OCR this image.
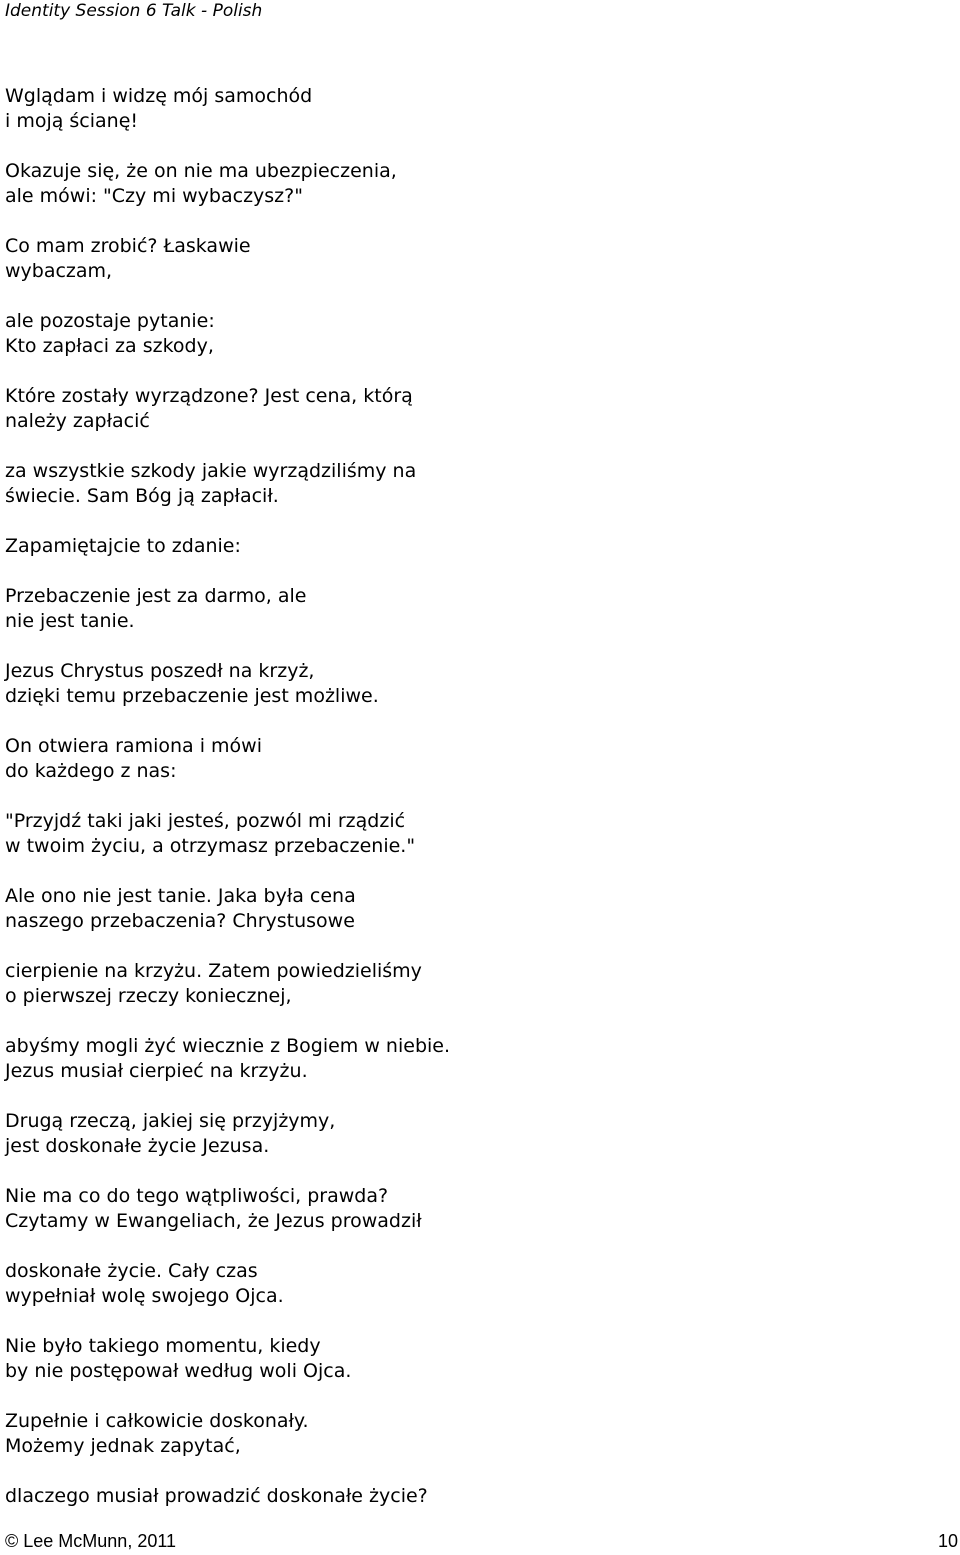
Identity Session 6 Talk - Polish
Wglądam i widzę mój samochód
i moją ścianę!
Okazuje się, że on nie ma ubezpieczenia,
ale mówi: "Czy mi wybaczysz?"
Co mam zrobić? Łaskawie
wybaczam,
ale pozostaje pytanie:
Kto zapłaci za szkody,
Które zostały wyrządzone? Jest cena, którą
należy zapłacić
za wszystkie szkody jakie wyrządziliśmy na
świecie. Sam Bóg ją zapłacił.
Zapamiętajcie to zdanie:
Przebaczenie jest za darmo, ale
nie jest tanie.
Jezus Chrystus poszedł na krzyż,
dzięki temu przebaczenie jest możliwe.
On otwiera ramiona i mówi
do każdego z nas:
"Przyjdź taki jaki jesteś, pozwól mi rządzić
w twoim życiu, a otrzymasz przebaczenie."
Ale ono nie jest tanie. Jaka była cena
naszego przebaczenia? Chrystusowe
cierpienie na krzyżu. Zatem powiedzieliśmy
o pierwszej rzeczy koniecznej,
abyśmy mogli żyć wiecznie z Bogiem w niebie.
Jezus musiał cierpieć na krzyżu.
Drugą rzeczą, jakiej się przyjżymy,
jest doskonałe życie Jezusa.
Nie ma co do tego wątpliwości, prawda?
Czytamy w Ewangeliach, że Jezus prowadził
doskonałe życie. Cały czas
wypełniał wolę swojego Ojca.
Nie było takiego momentu, kiedy
by nie postępował według woli Ojca.
Zupełnie i całkowicie doskonały.
Możemy jednak zapytać,
dlaczego musiał prowadzić doskonałe życie?
© Lee McMunn, 2011	10
